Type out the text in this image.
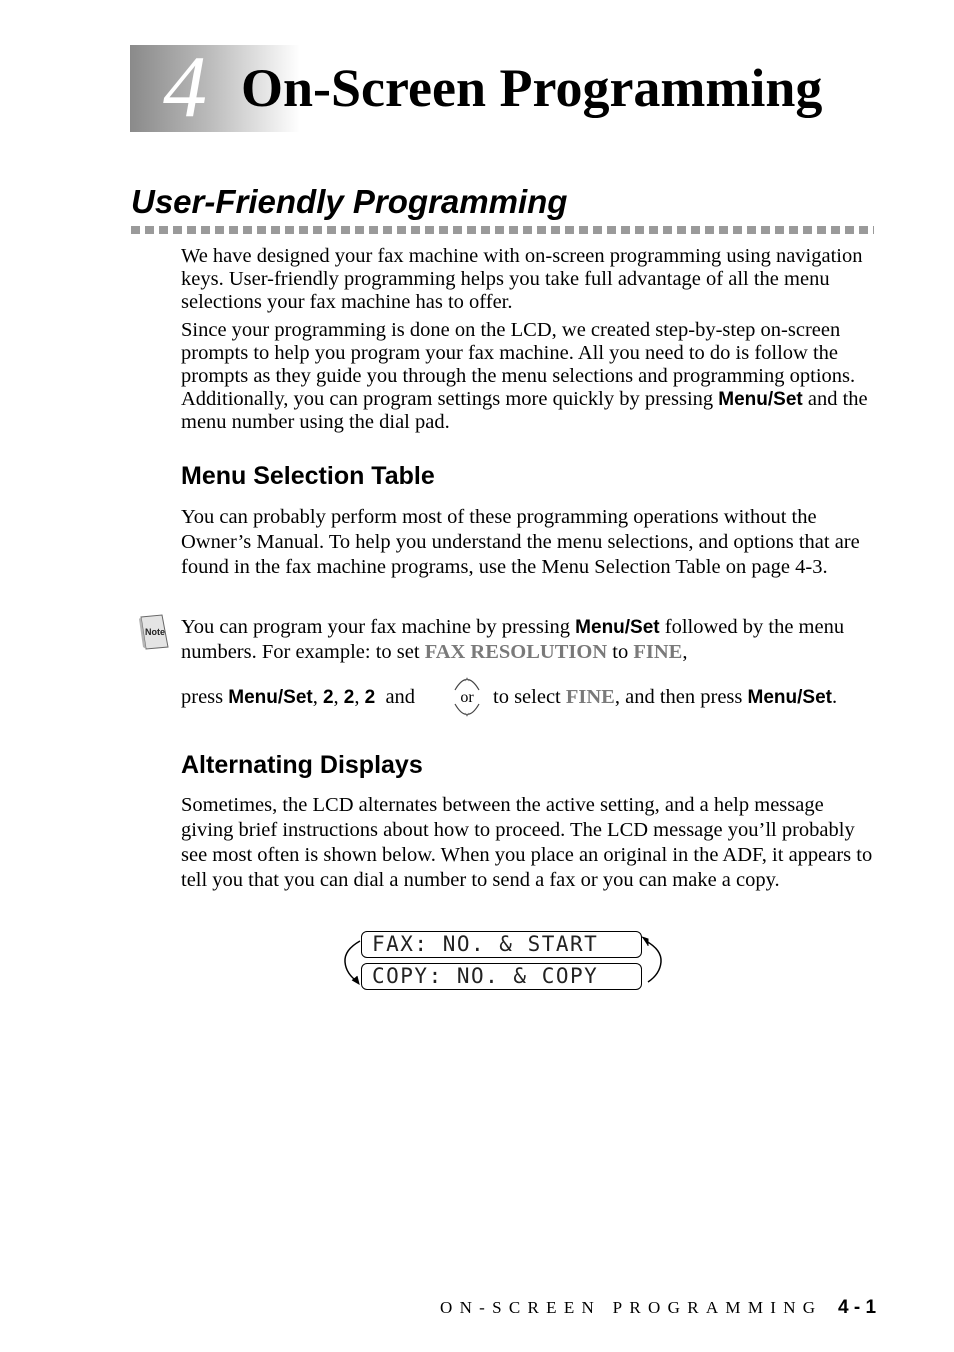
4 On-Screen Programming
User-Friendly Programming
We have designed your fax machine with on-screen programming using navigation keys. User-friendly programming helps you take full advantage of all the menu selections your fax machine has to offer.
Since your programming is done on the LCD, we created step-by-step on-screen prompts to help you program your fax machine. All you need to do is follow the prompts as they guide you through the menu selections and programming options. Additionally, you can program settings more quickly by pressing Menu/Set and the menu number using the dial pad.
Menu Selection Table
You can probably perform most of these programming operations without the Owner’s Manual. To help you understand the menu selections, and options that are found in the fax machine programs, use the Menu Selection Table on page 4-3.
Note You can program your fax machine by pressing Menu/Set followed by the menu numbers. For example: to set FAX RESOLUTION to FINE,
press Menu/Set, 2, 2, 2 and	or to select FINE, and then press Menu/Set.
Alternating Displays
Sometimes, the LCD alternates between the active setting, and a help message giving brief instructions about how to proceed. The LCD message you’ll probably see most often is shown below. When you place an original in the ADF, it appears to tell you that you can dial a number to send a fax or you can make a copy.
FAX: NO. & START
COPY: NO. & COPY
ON-SCREEN PROGRAMMING 4 - 1
